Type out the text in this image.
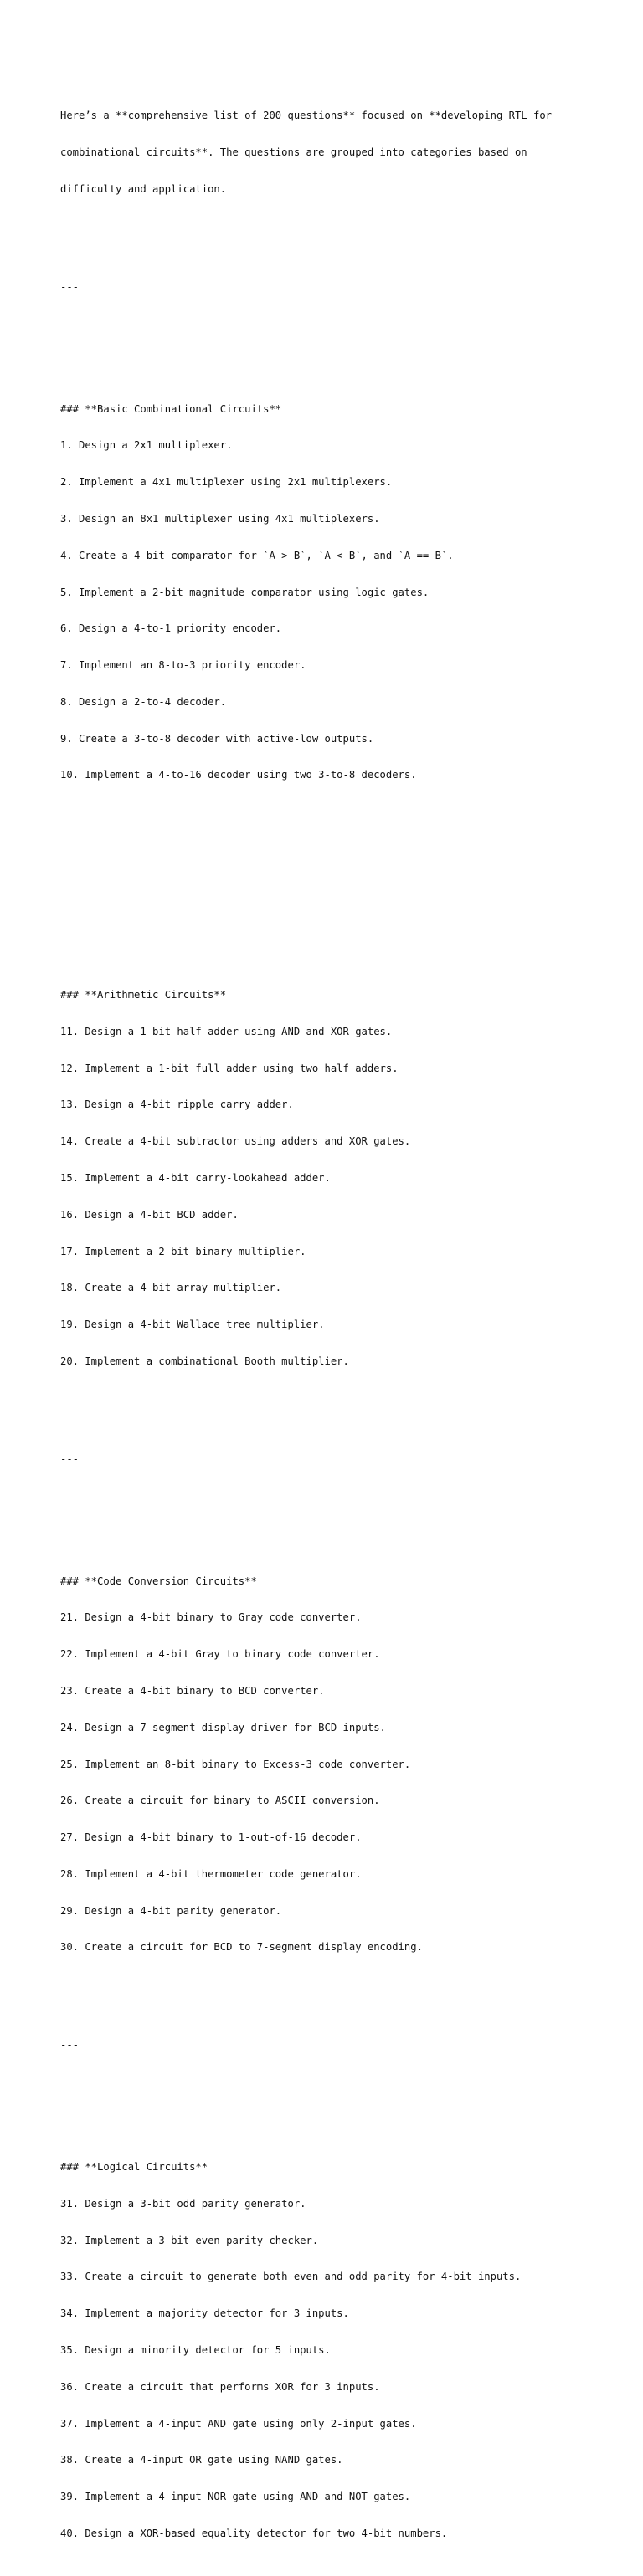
Here’s a **comprehensive list of 200 questions** focused on **developing RTL for

combinational circuits**. The questions are grouped into categories based on

difficulty and application.

---

### **Basic Combinational Circuits**

1. Design a 2x1 multiplexer.

2. Implement a 4x1 multiplexer using 2x1 multiplexers.

3. Design an 8x1 multiplexer using 4x1 multiplexers.

4. Create a 4-bit comparator for `A > B`, `A < B`, and `A == B`.

5. Implement a 2-bit magnitude comparator using logic gates.

6. Design a 4-to-1 priority encoder.

7. Implement an 8-to-3 priority encoder.

8. Design a 2-to-4 decoder.

9. Create a 3-to-8 decoder with active-low outputs.

10. Implement a 4-to-16 decoder using two 3-to-8 decoders.

---

### **Arithmetic Circuits**

11. Design a 1-bit half adder using AND and XOR gates.

12. Implement a 1-bit full adder using two half adders.

13. Design a 4-bit ripple carry adder.

14. Create a 4-bit subtractor using adders and XOR gates.

15. Implement a 4-bit carry-lookahead adder.

16. Design a 4-bit BCD adder.

17. Implement a 2-bit binary multiplier.

18. Create a 4-bit array multiplier.

19. Design a 4-bit Wallace tree multiplier.

20. Implement a combinational Booth multiplier.

---

### **Code Conversion Circuits**

21. Design a 4-bit binary to Gray code converter.

22. Implement a 4-bit Gray to binary code converter.

23. Create a 4-bit binary to BCD converter.

24. Design a 7-segment display driver for BCD inputs.

25. Implement an 8-bit binary to Excess-3 code converter.

26. Create a circuit for binary to ASCII conversion.

27. Design a 4-bit binary to 1-out-of-16 decoder.

28. Implement a 4-bit thermometer code generator.

29. Design a 4-bit parity generator.

30. Create a circuit for BCD to 7-segment display encoding.

---

### **Logical Circuits**

31. Design a 3-bit odd parity generator.

32. Implement a 3-bit even parity checker.

33. Create a circuit to generate both even and odd parity for 4-bit inputs.

34. Implement a majority detector for 3 inputs.

35. Design a minority detector for 5 inputs.

36. Create a circuit that performs XOR for 3 inputs.

37. Implement a 4-input AND gate using only 2-input gates.

38. Create a 4-input OR gate using NAND gates.

39. Implement a 4-input NOR gate using AND and NOT gates.

40. Design a XOR-based equality detector for two 4-bit numbers.
